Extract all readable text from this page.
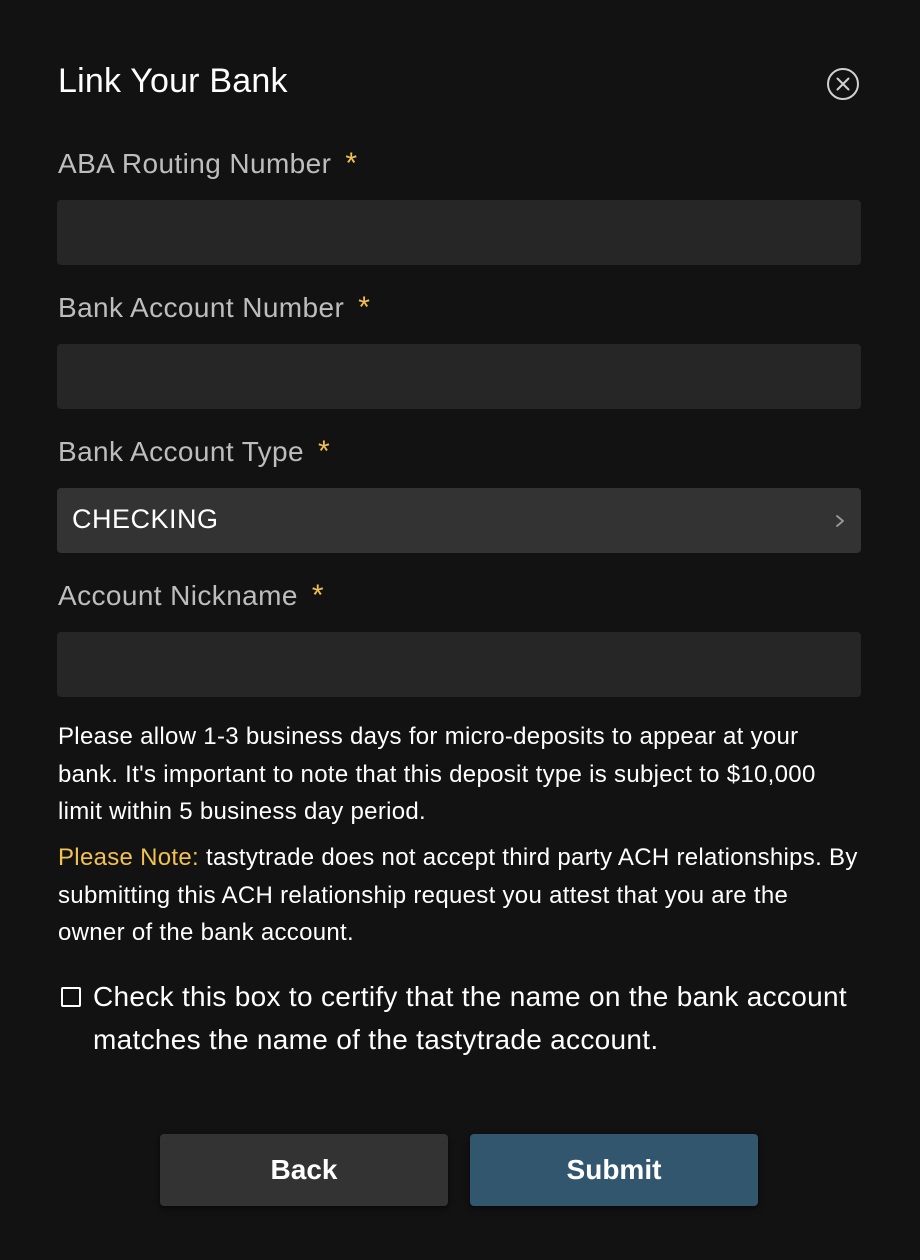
Link Your Bank
ABA Routing Number *
Bank Account Number *
Bank Account Type *
CHECKING
Account Nickname *
Please allow 1-3 business days for micro-deposits to appear at your bank. It's important to note that this deposit type is subject to $10,000 limit within 5 business day period.
Please Note: tastytrade does not accept third party ACH relationships. By submitting this ACH relationship request you attest that you are the owner of the bank account.
Check this box to certify that the name on the bank account matches the name of the tastytrade account.
Back	Submit
